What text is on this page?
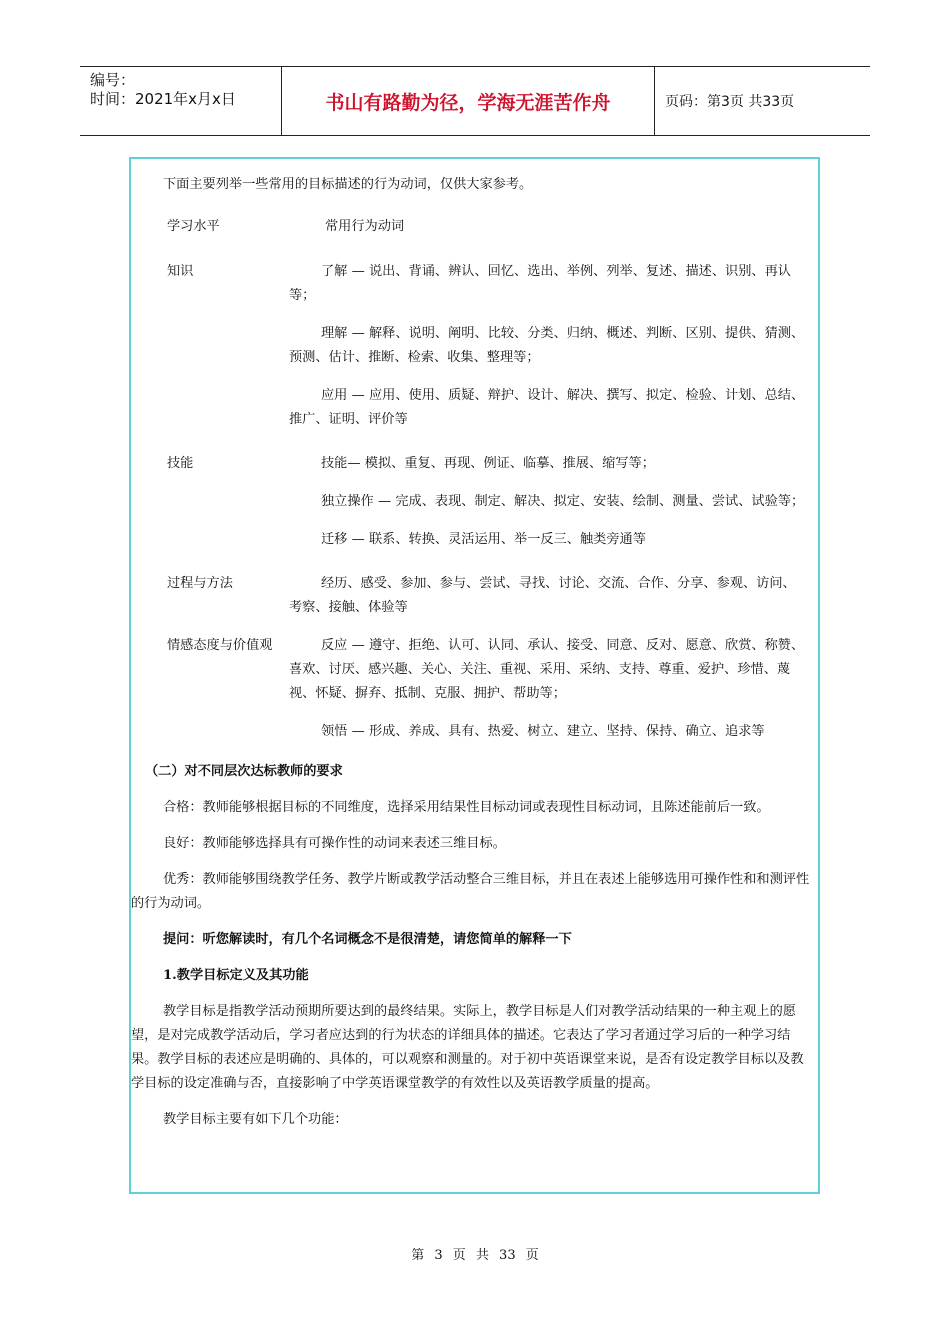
编号：
时间：2021年x月x日	书山有路勤为径，学海无涯苦作舟	页码：第3页 共33页

下面主要列举一些常用的目标描述的行为动词，仅供大家参考。

学习水平	常用行为动词
知识	了解 — 说出、背诵、辨认、回忆、选出、举例、列举、复述、描述、识别、再认等；

理解 — 解释、说明、阐明、比较、分类、归纳、概述、判断、区别、提供、猜测、预测、估计、推断、检索、收集、整理等；

应用 — 应用、使用、质疑、辩护、设计、解决、撰写、拟定、检验、计划、总结、推广、证明、评价等

技能	技能— 模拟、重复、再现、例证、临摹、推展、缩写等；

独立操作 — 完成、表现、制定、解决、拟定、安装、绘制、测量、尝试、试验等；

迁移 — 联系、转换、灵活运用、举一反三、触类旁通等

过程与方法	经历、感受、参加、参与、尝试、寻找、讨论、交流、合作、分享、参观、访问、考察、接触、体验等

情感态度与价值观	反应 — 遵守、拒绝、认可、认同、承认、接受、同意、反对、愿意、欣赏、称赞、喜欢、讨厌、感兴趣、关心、关注、重视、采用、采纳、支持、尊重、爱护、珍惜、蔑视、怀疑、摒弃、抵制、克服、拥护、帮助等；

领悟 — 形成、养成、具有、热爱、树立、建立、坚持、保持、确立、追求等

（二）对不同层次达标教师的要求

合格：教师能够根据目标的不同维度，选择采用结果性目标动词或表现性目标动词，且陈述能前后一致。

良好：教师能够选择具有可操作性的动词来表述三维目标。

优秀：教师能够围绕教学任务、教学片断或教学活动整合三维目标，并且在表述上能够选用可操作性和和测评性的行为动词。

提问：听您解读时，有几个名词概念不是很清楚，请您简单的解释一下

1.教学目标定义及其功能

教学目标是指教学活动预期所要达到的最终结果。实际上，教学目标是人们对教学活动结果的一种主观上的愿望，是对完成教学活动后，学习者应达到的行为状态的详细具体的描述。它表达了学习者通过学习后的一种学习结果。教学目标的表述应是明确的、具体的，可以观察和测量的。对于初中英语课堂来说，是否有设定教学目标以及教学目标的设定准确与否，直接影响了中学英语课堂教学的有效性以及英语教学质量的提高。

教学目标主要有如下几个功能：

第 3 页 共 33 页
